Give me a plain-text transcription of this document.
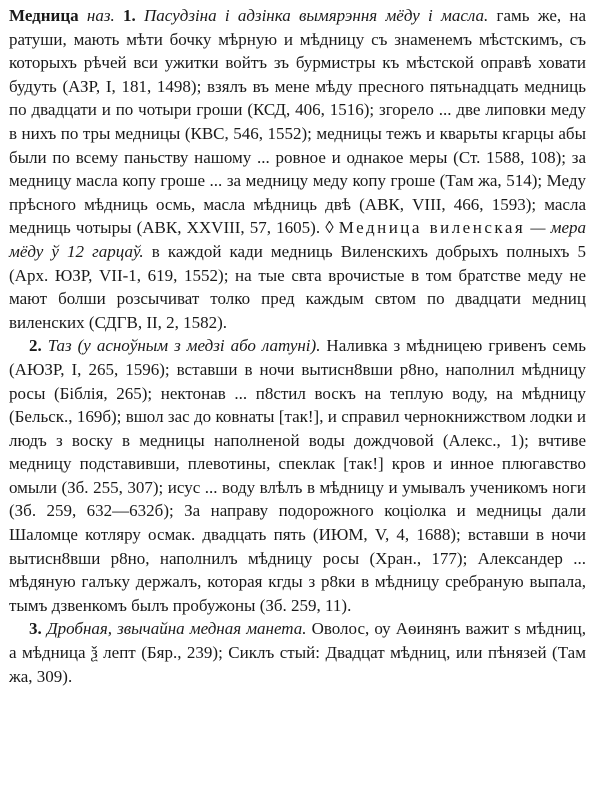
Медница наз. 1. Пасудзіна і адзінка вымярэння мёду і масла. гамь же, на ратуши, мають мѣти бочку мѣрную и мѣдницу съ знаменемъ мѣстскимъ, съ которыхъ рѣчей вси ужитки войтъ зъ бурмистры къ мѣстской оправѣ ховати будуть (АЗР, I, 181, 1498); взялъ въ мене мѣду пресного пятьнадцать медниць по двадцати и по чотыри гроши (КСД, 406, 1516); згорело ... две липовки меду в нихъ по тры медницы (КВС, 546, 1552); медницы тежъ и кварьты кгарцы абы были по всему паньству нашому ... ровное и однакое меры (Ст. 1588, 108); за медницу масла копу гроше ... за медницу меду копу гроше (Там жа, 514); Меду прѣсного мѣдниць осмь, масла мѣдниць двѣ (АВК, VIII, 466, 1593); масла медниць чотыры (АВК, XXVIII, 57, 1605). ◊ Медница виленская — мера мёду ў 12 гарцаў. в каждой кади медниць Виленскихъ добрыхъ полныхъ 5 (Арх. ЮЗР, VII-1, 619, 1552); на тые свта врочистые в том братстве меду не мают болши розсычиват толко пред каждым свтом по двадцати медниц виленских (СДГВ, II, 2, 1582).

2. Таз (у асноўным з медзі або латуні). Наливка з мѣдницею гривенъ семь (АЮЗР, I, 265, 1596); вставши в ночи вытисн8вши р8но, наполнил мѣдницу росы (Біблія, 265); нектонав ... п8стил воскъ на теплую воду, на мѣдницу (Бельск., 169б); вшол зас до ковнаты [так!], и справил чернокнижством лодки и людъ з воску в медницы наполненой воды дождчовой (Алекс., 1); вчтиве медницу подставивши, плевотины, спеклак [так!] кров и инное плюгавство омыли (Зб. 255, 307); исус ... воду влѣлъ в мѣдницу и умывалъ ученикомъ ноги (Зб. 259, 632—632б); За направу подорожного коцiолка и медницы дали Шаломце котляру осмак. двадцать пять (ИЮМ, V, 4, 1688); вставши в ночи вытисн8вши р8но, наполнилъ мѣдницу росы (Хран., 177); Александер ... мѣдяную галъку держалъ, которая кгды з р8ки в мѣдницу сребраную выпала, тымъ дзвенкомъ былъ пробужоны (Зб. 259, 11).

3. Дробная, звычайна медная манета. Оволос, оу Аѳинянъ важит ѕ мѣдниц, а мѣдница ѯ лепт (Бяр., 239); Сиклъ стый: Двадцат мѣдниц, или пѣнязей (Там жа, 309).
